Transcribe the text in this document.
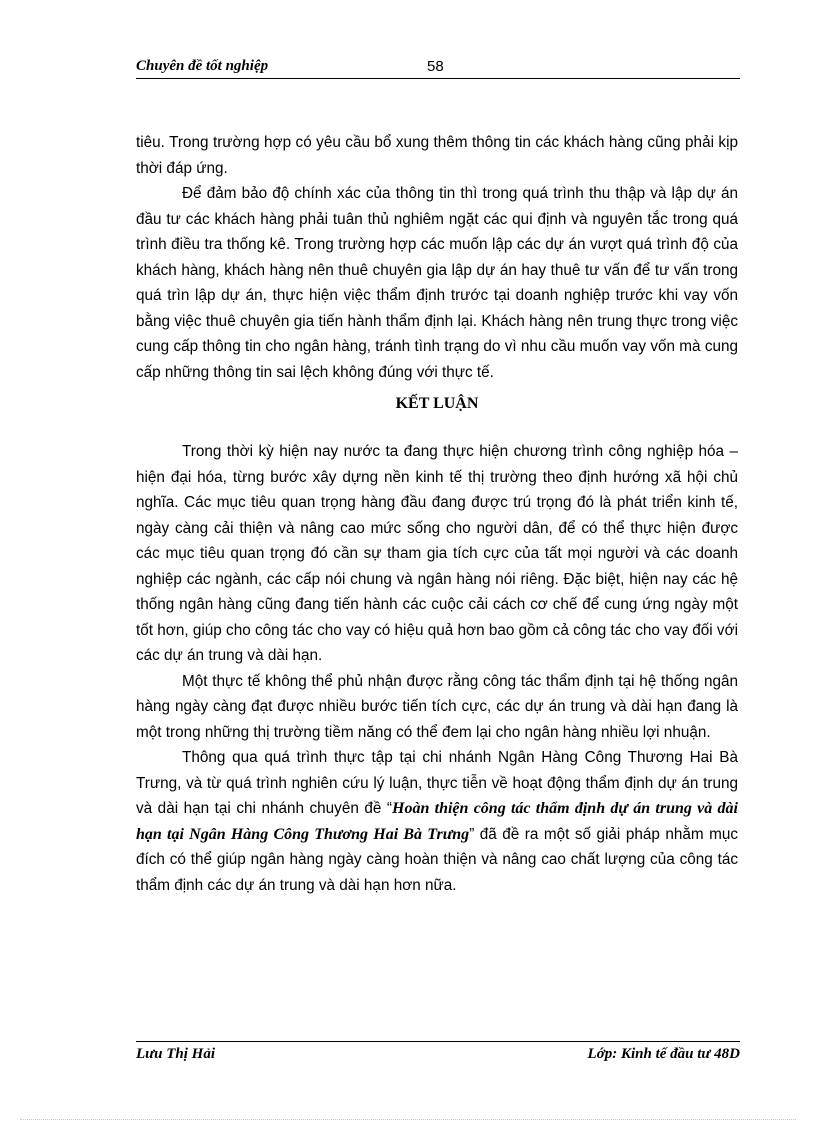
Chuyên đề tốt nghiệp	58

tiêu. Trong trường hợp có yêu cầu bổ xung thêm thông tin các khách hàng cũng phải kịp thời đáp ứng.

Để đảm bảo độ chính xác của thông tin thì trong quá trình thu thập và lập dự án đầu tư các khách hàng phải tuân thủ nghiêm ngặt các qui định và nguyên tắc trong quá trình điều tra thống kê. Trong trường hợp các muốn lập các dự án vượt quá trình độ của khách hàng, khách hàng nên thuê chuyên gia lập dự án hay thuê tư vấn để tư vấn trong quá trìn lập dự án, thực hiện việc thẩm định trước tại doanh nghiệp trước khi vay vốn bằng việc thuê chuyên gia tiến hành thẩm định lại. Khách hàng nên trung thực trong việc cung cấp thông tin cho ngân hàng, tránh tình trạng do vì nhu cầu muốn vay vốn mà cung cấp những thông tin sai lệch không đúng với thực tế.

KẾT LUẬN

Trong thời kỳ hiện nay nước ta đang thực hiện chương trình công nghiệp hóa – hiện đại hóa, từng bước xây dựng nền kinh tế thị trường theo định hướng xã hội chủ nghĩa. Các mục tiêu quan trọng hàng đầu đang được trú trọng đó là phát triển kinh tế, ngày càng cải thiện và nâng cao mức sống cho người dân, để có thể thực hiện được các mục tiêu quan trọng đó cần sự tham gia tích cực của tất mọi người và các doanh nghiệp các ngành, các cấp nói chung và ngân hàng nói riêng. Đặc biệt, hiện nay các hệ thống ngân hàng cũng đang tiến hành các cuộc cải cách cơ chế để cung ứng ngày một tốt hơn, giúp cho công tác cho vay có hiệu quả hơn bao gồm cả công tác cho vay đối với các dự án trung và dài hạn.

Một thực tế không thể phủ nhận được rằng công tác thẩm định tại hệ thống ngân hàng ngày càng đạt được nhiều bước tiến tích cực, các dự án trung và dài hạn đang là một trong những thị trường tiềm năng có thể đem lại cho ngân hàng nhiều lợi nhuận.

Thông qua quá trình thực tập tại chi nhánh Ngân Hàng Công Thương Hai Bà Trưng, và từ quá trình nghiên cứu lý luận, thực tiễn về hoạt động thẩm định dự án trung và dài hạn tại chi nhánh chuyên đề “Hoàn thiện công tác thẩm định dự án trung và dài hạn tại Ngân Hàng Công Thương Hai Bà Trưng” đã đề ra một số giải pháp nhằm mục đích có thể giúp ngân hàng ngày càng hoàn thiện và nâng cao chất lượng của công tác thẩm định các dự án trung và dài hạn hơn nữa.

Lưu Thị Hải	Lớp: Kinh tế đầu tư 48D
